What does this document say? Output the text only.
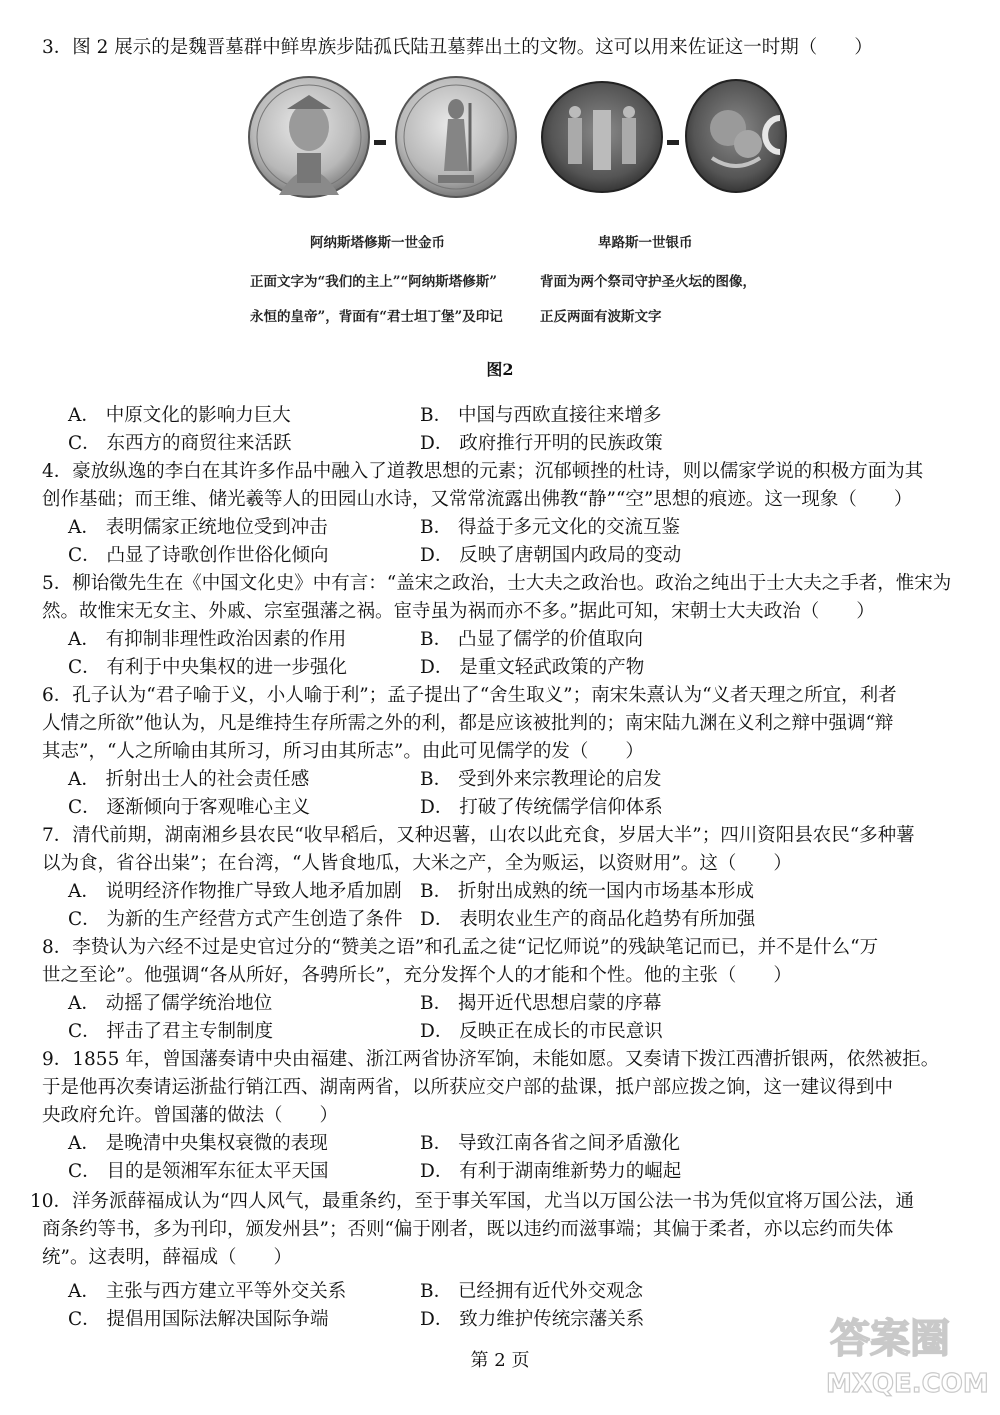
3．图 2 展示的是魏晋墓群中鲜卑族步陆孤氏陆丑墓葬出土的文物。这可以用来佐证这一时期（　　）
阿纳斯塔修斯一世金币	卑路斯一世银币
正面文字为“我们的主上”“阿纳斯塔修斯”	背面为两个祭司守护圣火坛的图像，
永恒的皇帝”，背面有“君士坦丁堡”及印记	正反两面有波斯文字
图2
A． 中原文化的影响力巨大	B． 中国与西欧直接往来增多
C． 东西方的商贸往来活跃	D． 政府推行开明的民族政策
4．豪放纵逸的李白在其许多作品中融入了道教思想的元素；沉郁顿挫的杜诗，则以儒家学说的积极方面为其
创作基础；而王维、储光羲等人的田园山水诗，又常常流露出佛教“静”“空”思想的痕迹。这一现象（　　）
A． 表明儒家正统地位受到冲击	B． 得益于多元文化的交流互鉴
C． 凸显了诗歌创作世俗化倾向	D． 反映了唐朝国内政局的变动
5．柳诒徵先生在《中国文化史》中有言：“盖宋之政治，士大夫之政治也。政治之纯出于士大夫之手者，惟宋为
然。故惟宋无女主、外戚、宗室强藩之祸。宦寺虽为祸而亦不多。”据此可知，宋朝士大夫政治（　　）
A． 有抑制非理性政治因素的作用	B． 凸显了儒学的价值取向
C． 有利于中央集权的进一步强化	D． 是重文轻武政策的产物
6．孔子认为“君子喻于义，小人喻于利”；孟子提出了“舍生取义”；南宋朱熹认为“义者天理之所宜，利者
人情之所欲”他认为，凡是维持生存所需之外的利，都是应该被批判的；南宋陆九渊在义利之辩中强调“辩
其志”，“人之所喻由其所习，所习由其所志”。由此可见儒学的发（　　）
A． 折射出士人的社会责任感	B． 受到外来宗教理论的启发
C． 逐渐倾向于客观唯心主义	D． 打破了传统儒学信仰体系
7．清代前期，湖南湘乡县农民“收早稻后，又种迟薯，山农以此充食，岁居大半”；四川资阳县农民“多种薯
以为食，省谷出粜”；在台湾，“人皆食地瓜，大米之产，全为贩运，以资财用”。这（　　）
A． 说明经济作物推广导致人地矛盾加剧 B． 折射出成熟的统一国内市场基本形成
C． 为新的生产经营方式产生创造了条件 D． 表明农业生产的商品化趋势有所加强
8．李贽认为六经不过是史官过分的“赞美之语”和孔孟之徒“记忆师说”的残缺笔记而已，并不是什么“万
世之至论”。他强调“各从所好，各骋所长”，充分发挥个人的才能和个性。他的主张（　　）
A． 动摇了儒学统治地位	B． 揭开近代思想启蒙的序幕
C． 抨击了君主专制制度	D． 反映正在成长的市民意识
9．1855 年，曾国藩奏请中央由福建、浙江两省协济军饷，未能如愿。又奏请下拨江西漕折银两，依然被拒。
于是他再次奏请运浙盐行销江西、湖南两省，以所获应交户部的盐课，抵户部应拨之饷，这一建议得到中
央政府允许。曾国藩的做法（　　）
A． 是晚清中央集权衰微的表现	B． 导致江南各省之间矛盾激化
C． 目的是领湘军东征太平天国	D． 有利于湖南维新势力的崛起
10．洋务派薛福成认为“四人风气，最重条约，至于事关军国，尤当以万国公法一书为凭似宜将万国公法，通
商条约等书，多为刊印，颁发州县”；否则“偏于刚者，既以违约而滋事端；其偏于柔者，亦以忘约而失体
统”。这表明，薛福成（　　）
A． 主张与西方建立平等外交关系	B． 已经拥有近代外交观念
C． 提倡用国际法解决国际争端	D． 致力维护传统宗藩关系
第 2 页	答案圈
MXQE.COM
